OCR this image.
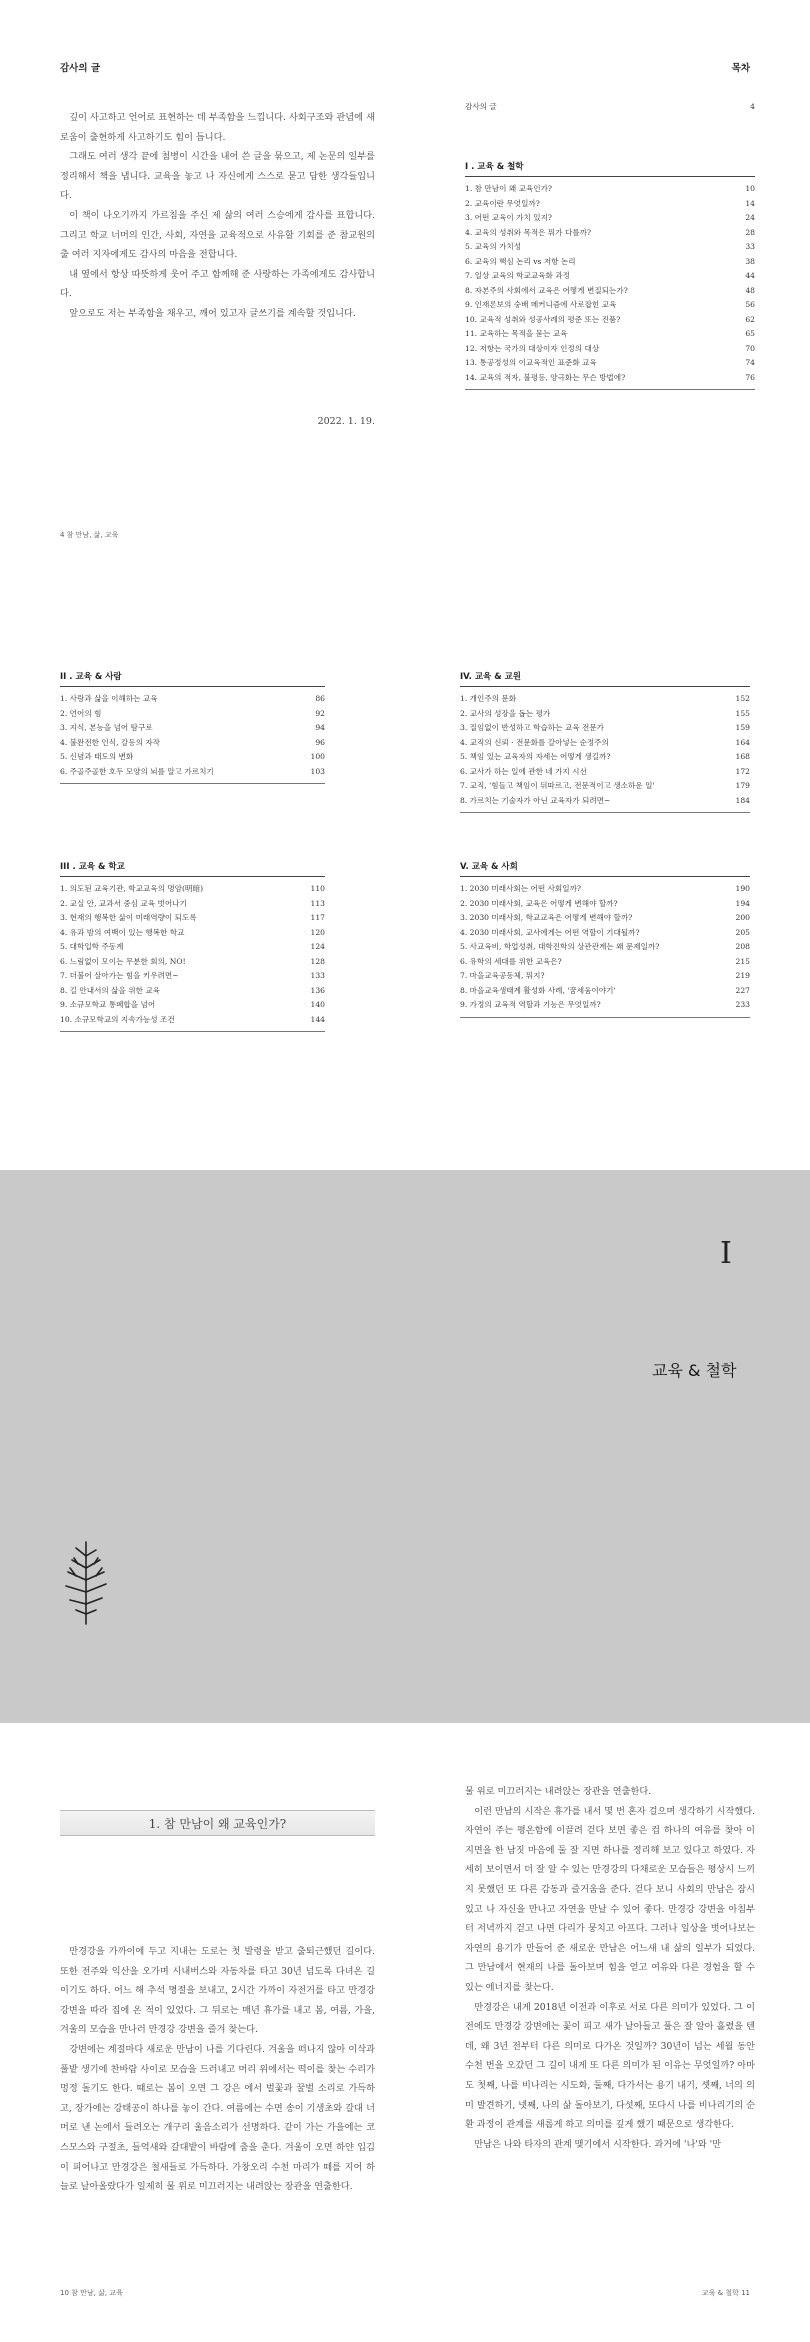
감사의 글

깊이 사고하고 언어로 표현하는 데 부족함을 느낍니다. 사회구조와 관념에 새로움이 출현하게 사고하기도 힘이 듭니다.

그래도 여러 생각 끝에 첨병이 시간을 내어 쓴 글을 묶으고, 제 논문의 일부를 정리해서 책을 냅니다. 교육을 놓고 나 자신에게 스스로 묻고 답한 생각들입니다.

이 책이 나오기까지 가르침을 주신 제 삶의 여러 스승에게 감사를 표합니다. 그리고 학교 너머의 인간, 사회, 자연을 교육적으로 사유할 기회를 준 참교원의 출 여러 지자에게도 감사의 마음을 전합니다.

내 옆에서 항상 따뜻하게 웃어 주고 함께해 준 사랑하는 가족에게도 감사합니다.

앞으로도 저는 부족함을 채우고, 깨어 있고자 글쓰기를 계속할 것입니다.

2022. 1. 19.
4 참 만남, 삶, 교육
목차
감사의 글	4
I . 교육 & 철학
1. 참 만남이 왜 교육인가?	10
2. 교육이란 무엇일까?	14
3. 어떤 교육이 가치 있지?	24
4. 교육의 성취와 목적은 뭐가 다를까?	28
5. 교육의 가치성	33
6. 교육의 핵심 논리 vs 저항 논리	38
7. 일상 교육의 학교교육화 과정	44
8. 자본주의 사회에서 교육은 어떻게 변질되는가?	48
9. 인재론보의 숭배 메커니즘에 사로잡힌 교육	56
10. 교육적 성취와 성공사례의 평준 또는 진품?	62
11. 교육하는 목적을 묻는 교육	65
12. 저항는 국가의 대상이자 인정의 대상	70
13. 통공정성의 이교육적인 표준화 교육	74
14. 교육의 적자, 불평등, 양극화는 무슨 방법에?	76
II . 교육 & 사람
1. 사랑과 삶을 이해하는 교육	86
2. 언어의 힘	92
3. 지식, 본능을 넘어 탐구로	94
4. 불완전한 인식, 갈등의 자작	96
5. 신념과 태도의 변화	100
6. 주골주골한 호두 모양의 뇌를 알고 가르치기	103
III . 교육 & 학교
1. 의도된 교육기관, 학교교육의 명암(明暗)	110
2. 교실 안, 교과서 중심 교육 벗어나기	113
3. 현재의 행복한 삶이 미래역량이 되도록	117
4. 유과 밤의 여백이 있는 행복한 학교	120
5. 대학입학 주동계	124
6. 느림없이 모이는 무분한 회의, NO!	128
7. 더불어 살아가는 힘을 키우려면~	133
8. 길 안내서의 삶을 위한 교육	136
9. 소규모학교 통폐합을 넘어	140
10. 소규모학교의 지속가능성 조건	144
IV. 교육 & 교원
1. 개인주의 문화	152
2. 교사의 성장을 돕는 평가	155
3. 질임없이 반성하고 학습하는 교육 전문가	159
4. 교직의 신뢰 · 전문화를 갈아넣는 순정주의	164
5. 책임 있는 교육자의 자세는 어떻게 생길까?	168
6. 교사가 하는 일에 관한 네 가지 시선	172
7. 교직, '힘들고 책임이 뒤따르고, 전문적이고 생소하운 일'	179
8. 가르치는 기술자가 아닌 교육자가 되려면~	184
V. 교육 & 사회
1. 2030 미래사회는 어떤 사회일까?	190
2. 2030 미래사회, 교육은 어떻게 변해야 할까?	194
3. 2030 미래사회, 학교교육은 어떻게 변해야 할까?	200
4. 2030 미래사회, 교사에게는 어떤 역할이 기대될까?	205
5. 사교육비, 학업성취, 대학진학의 상관관계는 왜 문제일까?	208
6. 유학의 세대를 위한 교육은?	215
7. 마을교육공동체, 뭐지?	219
8. 마을교육생태계 활성화 사례, '꿈세움이야기'	227
9. 가정의 교육적 역할과 기능은 무엇일까?	233
I
교육 & 철학
1. 참 만남이 왜 교육인가?

만경강을 가까이에 두고 지내는 도로는 첫 발령을 받고 출퇴근했던 길이다. 또한 전주와 익산을 오가며 시내버스와 자동차를 타고 30년 넘도록 다녀온 길이기도 하다. 어느 해 추석 명절을 보내고, 2시간 가까이 자전거를 타고 만경강 강변을 따라 집에 온 적이 있었다. 그 뒤로는 매년 휴가를 내고 봄, 여름, 가을, 겨울의 모습을 만나러 만경강 강변을 즐겨 찾는다.

강변에는 계절마다 새로운 만남이 나를 기다린다. 겨울을 떠나지 않아 이삭과 풀밭 생기에 찬바람 사이로 모습을 드러내고 머리 위에서는 떡이를 찾는 수리가 멍정 돌기도 한다. 때로는 봄이 오면 그 강은 에서 벌꽃과 꿀벌 소리로 가득하고, 장가에는 강태공이 하나를 놓이 간다. 여름에는 수면 송이 기생초와 갈대 너머로 낸 논에서 들려오는 개구리 울음소리가 선명하다. 같이 가는 가을에는 코스모스와 구절초, 들억새와 갈대밭이 바람에 춤을 춘다. 겨울이 오면 하얀 입김이 피어나고 만경강은 철새들로 가득하다. 가창오리 수천 마리가 떼를 지어 하늘로 날아올랐다가 일제히 물 위로 미끄러지는 내려앉는 장관을 연출한다.

10 참 만남, 삶, 교육

물 위로 미끄러지는 내려앉는 장관을 연출한다.

이런 만남의 시작은 휴가를 내서 몇 번 혼자 걸으며 생각하기 시작했다. 자연이 주는 평온함에 이끌려 걷다 보면 좋은 컵 하나의 여유를 찾아 이 지면을 한 남짓 마음에 둘 잘 지면 하나를 정리해 보고 있다고 하였다. 자세히 보이면서 더 잘 알 수 있는 만경강의 다채로운 모습들은 평상시 느끼지 못했던 또 다른 감동과 즐거움을 준다. 걷다 보니 사회의 만남은 잠시 있고 나 자신을 만나고 자연을 만날 수 있어 좋다. 만경강 강변을 아침부터 저녁까지 걷고 나면 다리가 뭉치고 아프다. 그러나 일상을 벗어나보는 자연의 용기가 만들어 준 새로운 만남은 어느새 내 삶의 일부가 되었다. 그 만남에서 현재의 나를 돌아보며 힘을 얻고 여유와 다른 경험을 할 수 있는 에너지를 찾는다.

만경강은 내게 2018년 이전과 이후로 서로 다른 의미가 있었다. 그 이전에도 만경강 강변에는 꽃이 피고 새가 날아들고 풀은 잘 알아 흘렸을 텐데, 왜 3년 전부터 다른 의미로 다가온 것일까? 30년이 넘는 세월 동안 수천 번을 오갔던 그 길이 내게 또 다른 의미가 된 이유는 무엇일까? 아마도 첫째, 나를 비나리는 시도화, 둘째, 다가서는 용기 내기, 셋째, 너의 의미 발견하기, 넷째, 나의 삶 돌아보기, 다섯째, 또다시 나를 비나리기의 순환 과정이 관계를 새롭게 하고 의미를 깊게 했기 때문으로 생각한다.

만남은 나와 타자의 관계 맺기에서 시작한다. 과거에 '나'와 '만

교육 & 철학 11
